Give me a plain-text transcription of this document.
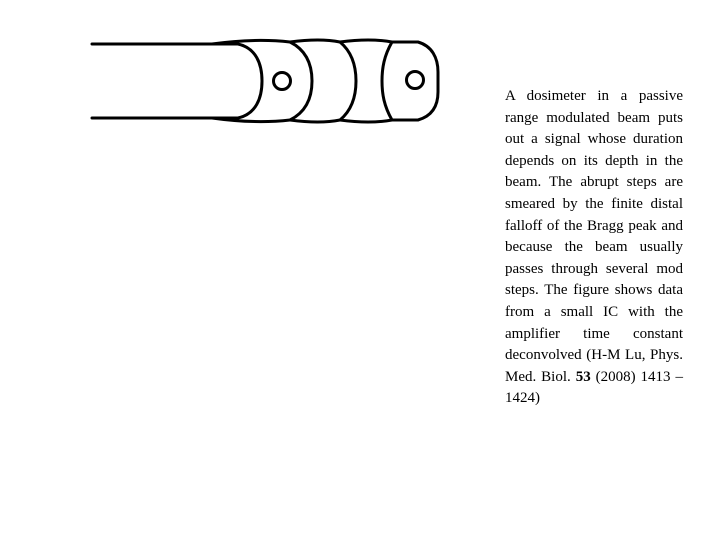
A dosimeter in a passive range modulated beam puts out a signal whose duration depends on its depth in the beam. The abrupt steps are smeared by the finite distal falloff of the Bragg peak and because the beam usually passes through several mod steps. The figure shows data from a small IC with the amplifier time constant deconvolved (H-M Lu, Phys. Med. Biol. 53 (2008) 1413 – 1424)
